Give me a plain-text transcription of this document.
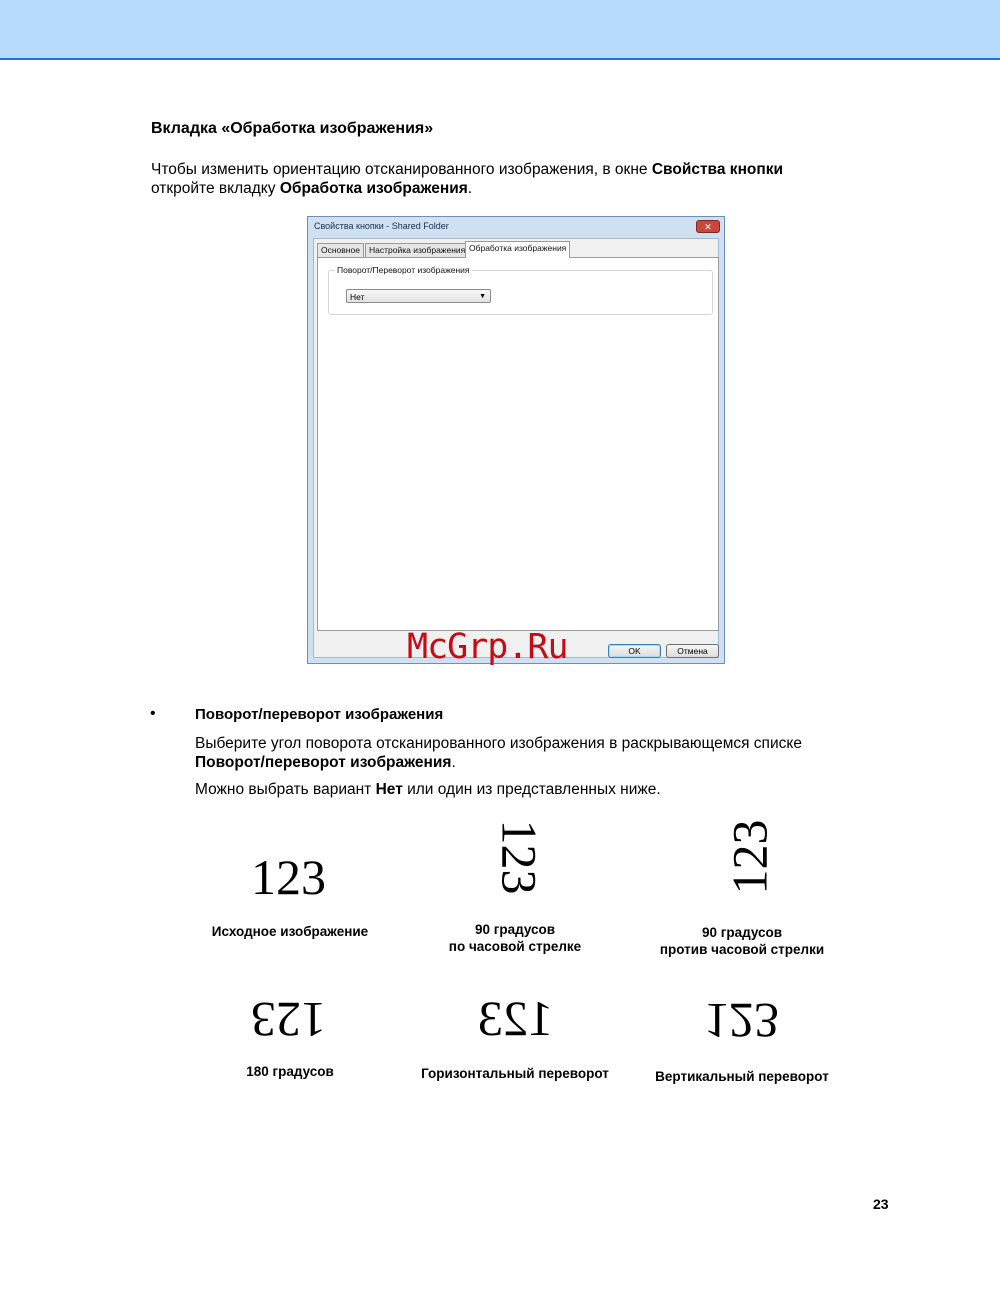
Вкладка «Обработка изображения»
Чтобы изменить ориентацию отсканированного изображения, в окне Свойства кнопки
откройте вкладку Обработка изображения.
Свойства кнопки - Shared Folder	✕
Основное	Настройка изображения Обработка изображения
Поворот/Переворот изображения
Нет	▼
OK	Отмена
McGrp.Ru
•	Поворот/переворот изображения
Выберите угол поворота отсканированного изображения в раскрывающемся списке
Поворот/переворот изображения.
Можно выбрать вариант Нет или один из представленных ниже.
123	123	123
123	123	123
Исходное изображение	90 градусов
по часовой стрелке
90 градусов
против часовой стрелки
180 градусов	Горизонтальный переворот	Вертикальный переворот
23
